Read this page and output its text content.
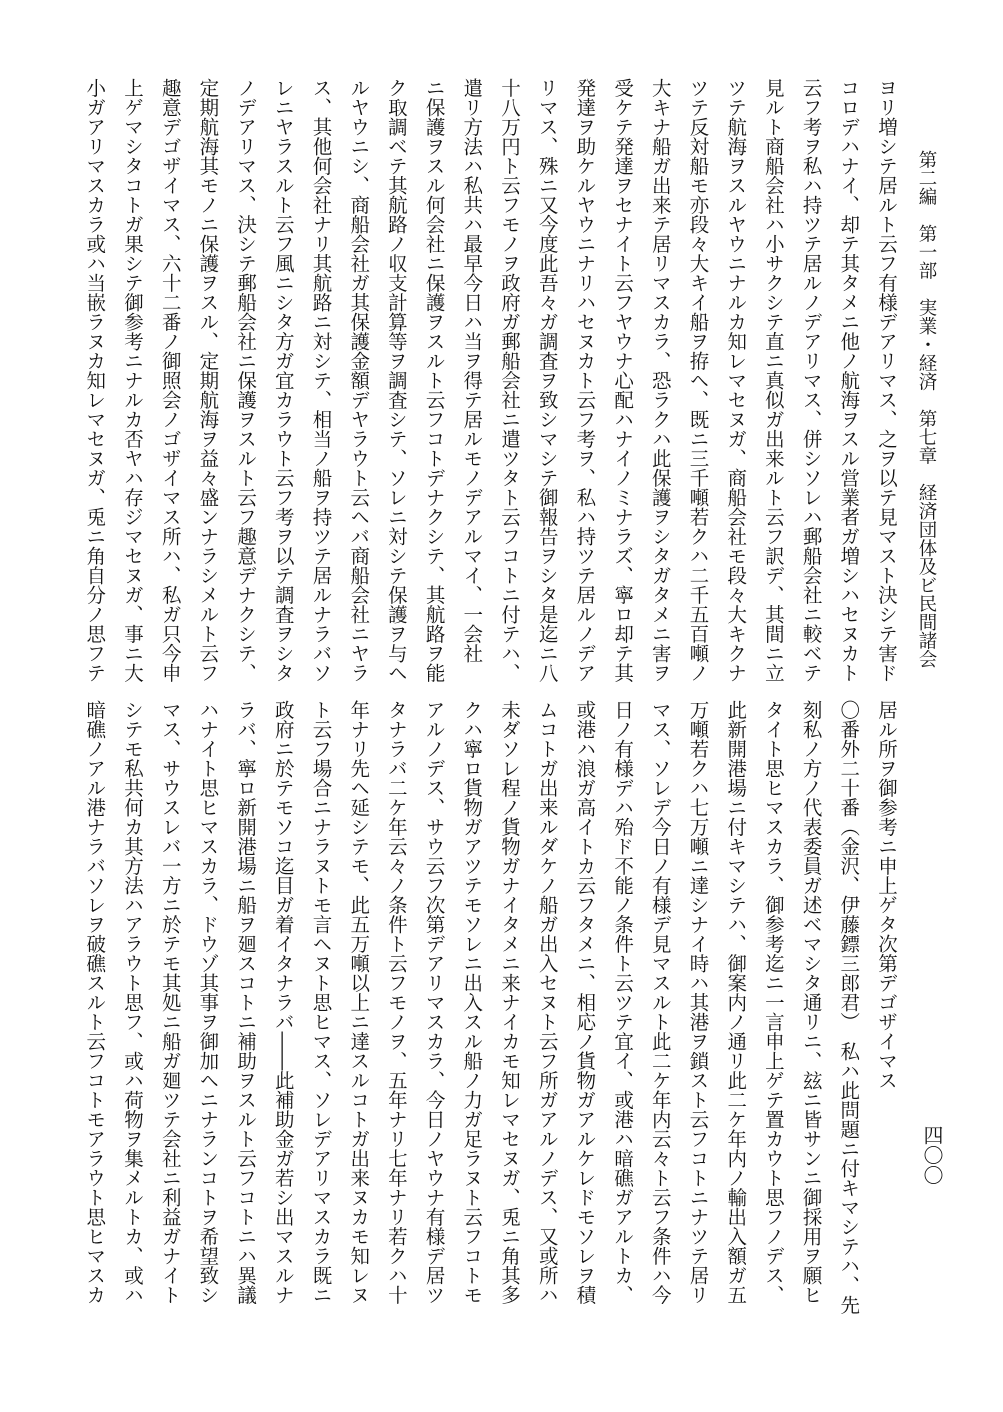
第二編　第一部　実業・経済　第七章　経済団体及ビ民間諸会
四〇〇
ヨリ増シテ居ルト云フ有様デアリマス、之ヲ以テ見マスト決シテ害ド
コロデハナイ、却テ其タメニ他ノ航海ヲスル営業者ガ増シハセヌカト
云フ考ヲ私ハ持ツテ居ルノデアリマス、併シソレハ郵船会社ニ較ベテ
見ルト商船会社ハ小サクシテ直ニ真似ガ出来ルト云フ訳デ、其間ニ立
ツテ航海ヲスルヤウニナルカ知レマセヌガ、商船会社モ段々大キクナ
ツテ反対船モ亦段々大キイ船ヲ拵ヘ、既ニ三千噸若クハ二千五百噸ノ
大キナ船ガ出来テ居リマスカラ、恐ラクハ此保護ヲシタガタメニ害ヲ
受ケテ発達ヲセナイト云フヤウナ心配ハナイノミナラズ、寧ロ却テ其
発達ヲ助ケルヤウニナリハセヌカト云フ考ヲ、私ハ持ツテ居ルノデア
リマス、殊ニ又今度此吾々ガ調査ヲ致シマシテ御報告ヲシタ是迄ニ八
十八万円ト云フモノヲ政府ガ郵船会社ニ遣ツタト云フコトニ付テハ、
遣リ方法ハ私共ハ最早今日ハ当ヲ得テ居ルモノデアルマイ、一会社
ニ保護ヲスル何会社ニ保護ヲスルト云フコトデナクシテ、其航路ヲ能
ク取調ベテ其航路ノ収支計算等ヲ調査シテ、ソレニ対シテ保護ヲ与ヘ
ルヤウニシ、商船会社ガ其保護金額デヤラウト云ヘバ商船会社ニヤラ
ス、其他何会社ナリ其航路ニ対シテ、相当ノ船ヲ持ツテ居ルナラバソ
レニヤラスルト云フ風ニシタ方ガ宜カラウト云フ考ヲ以テ調査ヲシタ
ノデアリマス、決シテ郵船会社ニ保護ヲスルト云フ趣意デナクシテ、
定期航海其モノニ保護ヲスル、定期航海ヲ益々盛ンナラシメルト云フ
趣意デゴザイマス、六十二番ノ御照会ノゴザイマス所ハ、私ガ只今申
上ゲマシタコトガ果シテ御参考ニナルカ否ヤハ存ジマセヌガ、事ニ大
小ガアリマスカラ或ハ当嵌ラヌカ知レマセヌガ、兎ニ角自分ノ思フテ
居ル所ヲ御参考ニ申上ゲタ次第デゴザイマス
〇番外二十番（金沢、伊藤鏢三郎君）　私ハ此問題ニ付キマシテハ、先
刻私ノ方ノ代表委員ガ述ベマシタ通リニ、玆ニ皆サンニ御採用ヲ願ヒ
タイト思ヒマスカラ、御参考迄ニ一言申上ゲテ置カウト思フノデス、
此新開港場ニ付キマシテハ、御案内ノ通リ此二ケ年内ノ輸出入額ガ五
万噸若クハ七万噸ニ達シナイ時ハ其港ヲ鎖スト云フコトニナツテ居リ
マス、ソレデ今日ノ有様デ見マスルト此二ケ年内云々ト云フ条件ハ今
日ノ有様デハ殆ド不能ノ条件ト云ツテ宜イ、或港ハ暗礁ガアルトカ、
或港ハ浪ガ高イトカ云フタメニ、相応ノ貨物ガアルケレドモソレヲ積
ムコトガ出来ルダケノ船ガ出入セヌト云フ所ガアルノデス、又或所ハ
未ダソレ程ノ貨物ガナイタメニ来ナイカモ知レマセヌガ、兎ニ角其多
クハ寧ロ貨物ガアツテモソレニ出入スル船ノ力ガ足ラヌト云フコトモ
アルノデス、サウ云フ次第デアリマスカラ、今日ノヤウナ有様デ居ツ
タナラバ二ケ年云々ノ条件ト云フモノヲ、五年ナリ七年ナリ若クハ十
年ナリ先ヘ延シテモ、此五万噸以上ニ達スルコトガ出来ヌカモ知レヌ
ト云フ場合ニナラヌトモ言ヘヌト思ヒマス、ソレデアリマスカラ既ニ
政府ニ於テモソコ迄目ガ着イタナラバ――此補助金ガ若シ出マスルナ
ラバ、寧ロ新開港場ニ船ヲ廻スコトニ補助ヲスルト云フコトニハ異議
ハナイト思ヒマスカラ、ドウゾ其事ヲ御加ヘニナランコトヲ希望致シ
マス、サウスレバ一方ニ於テモ其処ニ船ガ廻ツテ会社ニ利益ガナイト
シテモ私共何カ其方法ハアラウト思フ、或ハ荷物ヲ集メルトカ、或ハ
暗礁ノアル港ナラバソレヲ破礁スルト云フコトモアラウト思ヒマスカ
